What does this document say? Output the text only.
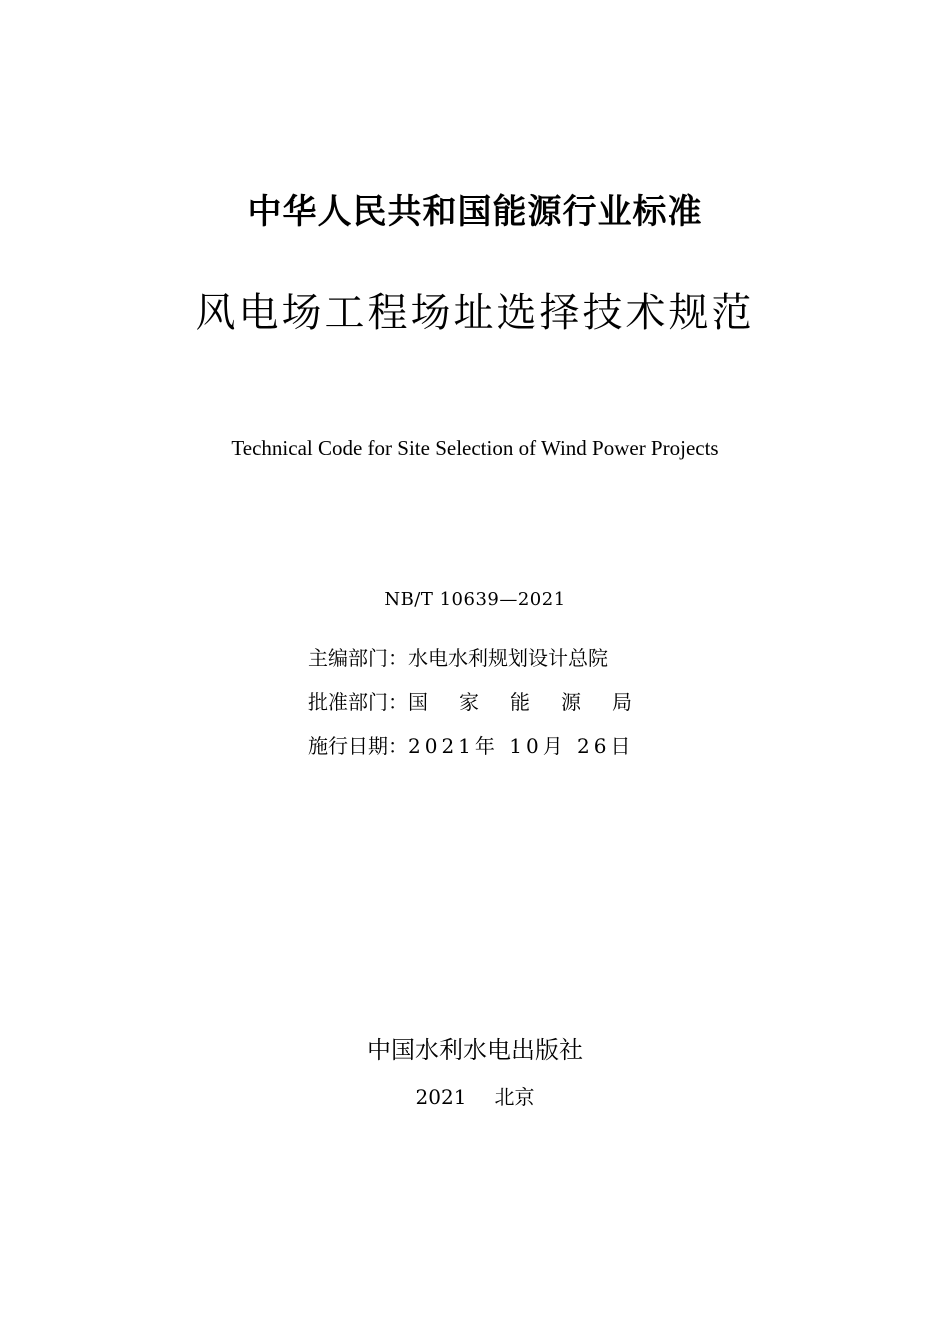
中华人民共和国能源行业标准
风电场工程场址选择技术规范
Technical Code for Site Selection of Wind Power Projects
NB/T 10639—2021
主编部门： 水电水利规划设计总院
批准部门： 国家能源局
施行日期： 2021年 10月 26日
中国水利水电出版社
2021 北京
